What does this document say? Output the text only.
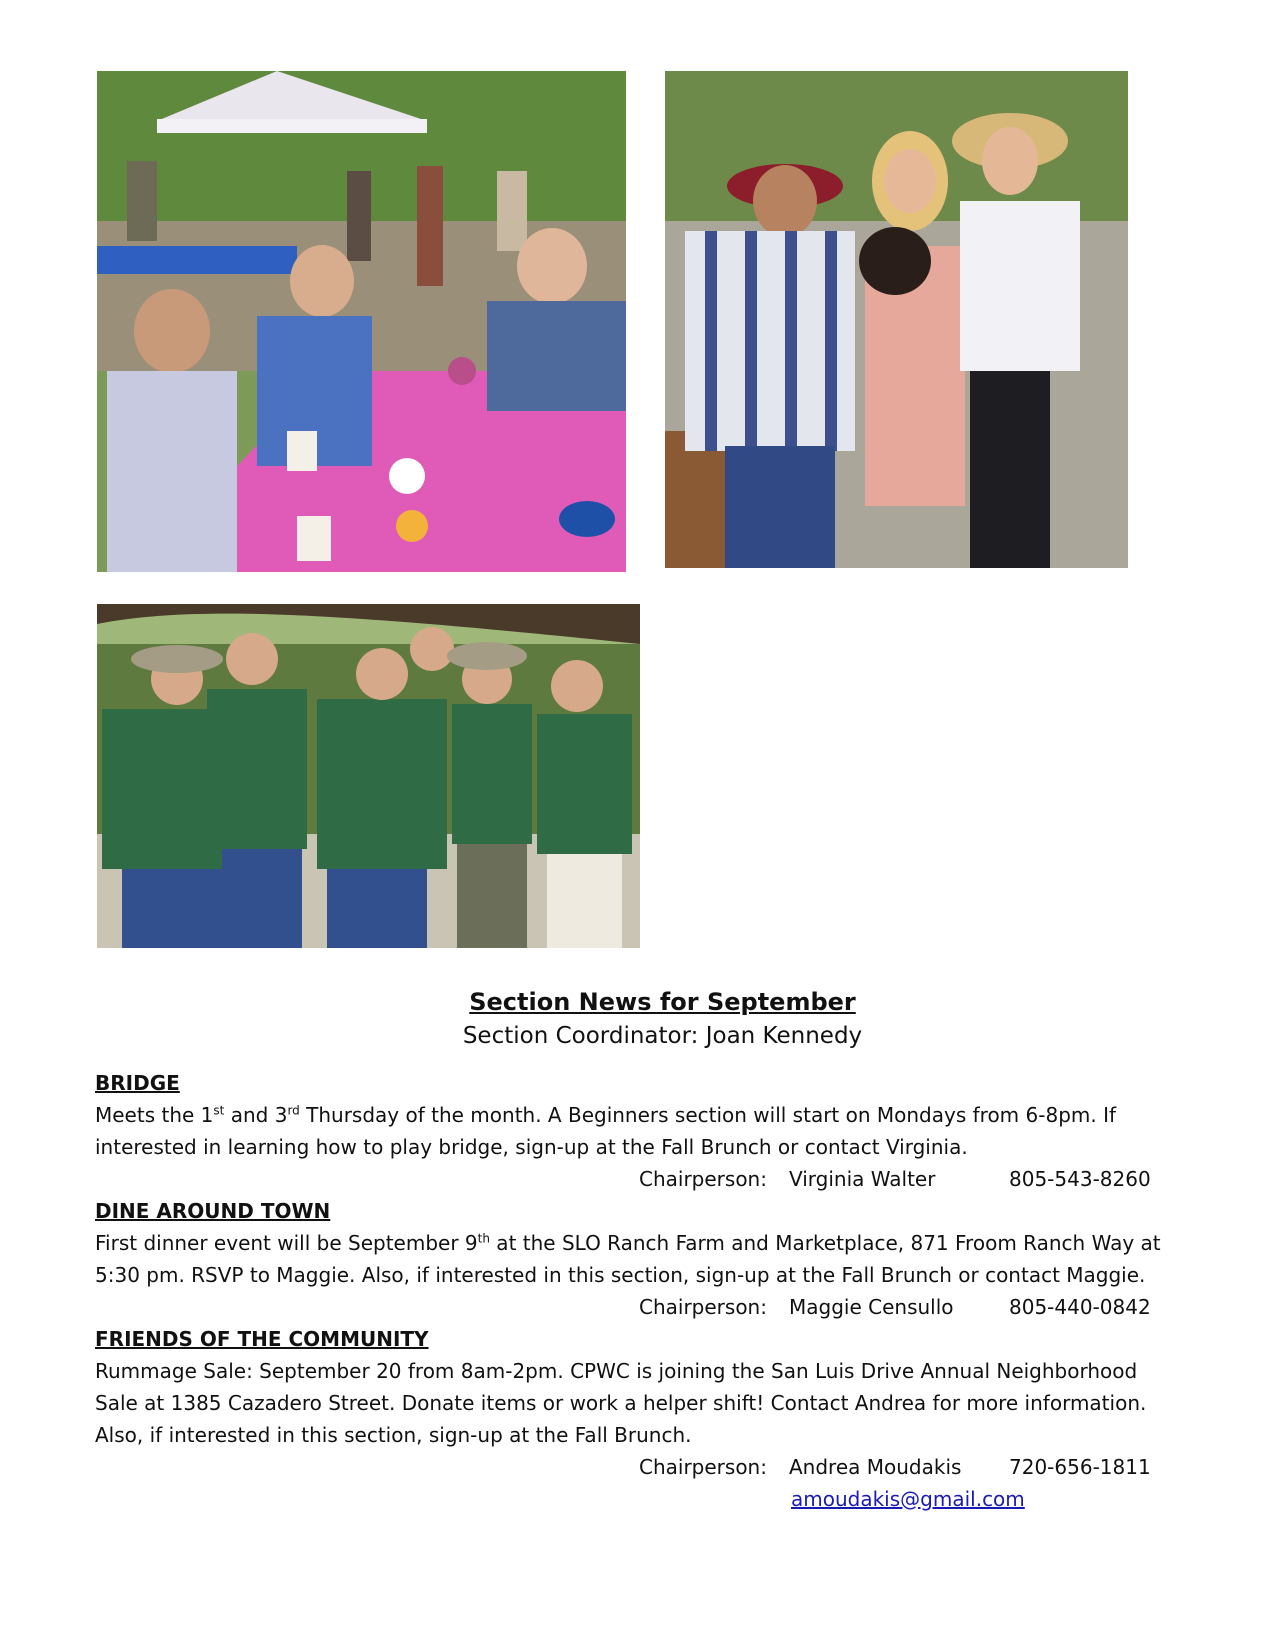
Section News for September

Section Coordinator: Joan Kennedy

BRIDGE

Meets the 1st and 3rd Thursday of the month. A Beginners section will start on Mondays from 6-8pm. If interested in learning how to play bridge, sign-up at the Fall Brunch or contact Virginia.

Chairperson: Virginia Walter	805-543-8260

DINE AROUND TOWN

First dinner event will be September 9th at the SLO Ranch Farm and Marketplace, 871 Froom Ranch Way at 5:30 pm. RSVP to Maggie. Also, if interested in this section, sign-up at the Fall Brunch or contact Maggie.

Chairperson: Maggie Censullo	805-440-0842

FRIENDS OF THE COMMUNITY

Rummage Sale: September 20 from 8am-2pm. CPWC is joining the San Luis Drive Annual Neighborhood Sale at 1385 Cazadero Street. Donate items or work a helper shift! Contact Andrea for more information. Also, if interested in this section, sign-up at the Fall Brunch.

Chairperson: Andrea Moudakis 720-656-1811

amoudakis@gmail.com
